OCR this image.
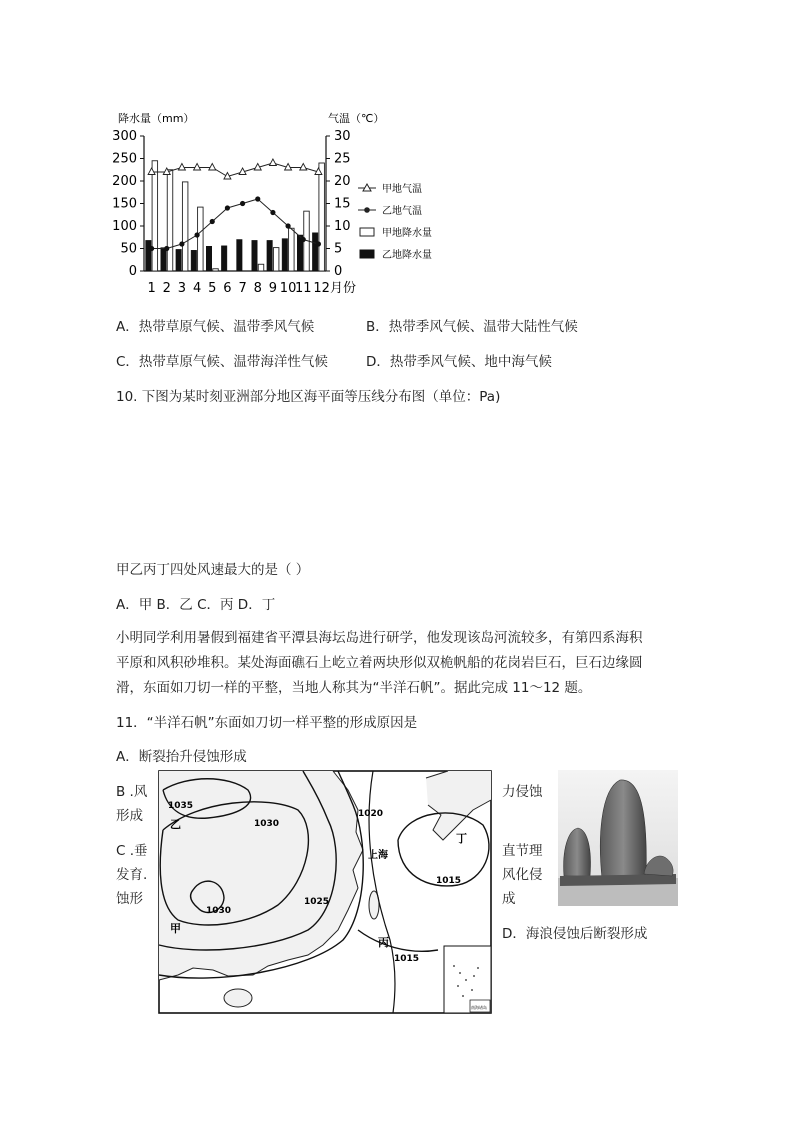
降水量（mm）	气温（℃）
300
250
200
150
100
50
0
30
25
20
15
10
5
0
1 2 3 4 5 6 7 8 9 10
11 12月份
甲地气温
乙地气温
甲地降水量
乙地降水量
A．热带草原气候、温带季风气候	B．热带季风气候、温带大陆性气候
C．热带草原气候、温带海洋性气候	D．热带季风气候、地中海气候
10. 下图为某时刻亚洲部分地区海平面等压线分布图（单位：Pa)
甲乙丙丁四处风速最大的是（ ）
A．甲 B．乙 C．丙 D．丁
小明同学利用暑假到福建省平潭县海坛岛进行研学，他发现该岛河流较多，有第四系海积
平原和风积砂堆积。某处海面礁石上屹立着两块形似双桅帆船的花岗岩巨石，巨石边缘圆
滑，东面如刀切一样的平整，当地人称其为“半洋石帆”。据此完成 11～12 题。
11．“半洋石帆”东面如刀切一样平整的形成原因是
A．断裂抬升侵蚀形成
B .风
形成
力侵蚀
C .垂
发育.
蚀形
直节理
风化侵
成
D．海浪侵蚀后断裂形成
1035
1030
1030
1025
1020
1015
1015
乙
甲
上海
丁
丙
南海诸岛
